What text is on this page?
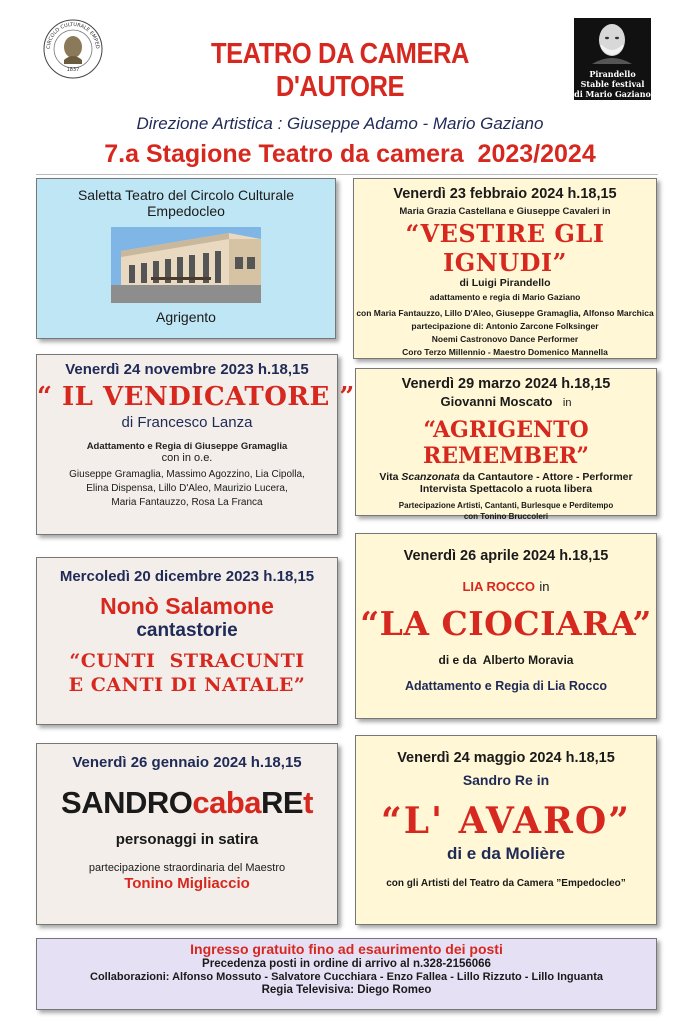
CIRCOLO CULTURALE EMPED
1837	TEATRO DA CAMERA D'AUTORE	Pirandello
Stable festival
di Mario Gaziano
Direzione Artistica : Giuseppe Adamo - Mario Gaziano
7.a Stagione Teatro da camera  2023/2024
Saletta Teatro del Circolo Culturale
Empedocleo
Agrigento
Venerdì 24 novembre 2023 h.18,15
“ IL VENDICATORE ”
di Francesco Lanza
Adattamento e Regia di Giuseppe Gramaglia
con in o.e.
Giuseppe Gramaglia, Massimo Agozzino, Lia Cipolla,
Elina Dispensa, Lillo D'Aleo, Maurizio Lucera,
Maria Fantauzzo, Rosa La Franca
Mercoledì 20 dicembre 2023 h.18,15
Nonò Salamone
cantastorie
“CUNTI  STRACUNTI
E CANTI DI NATALE”
Venerdì 26 gennaio 2024 h.18,15
SANDROcabaREt
personaggi in satira
partecipazione straordinaria del Maestro
Tonino Migliaccio
Venerdì 23 febbraio 2024 h.18,15
Maria Grazia Castellana e Giuseppe Cavaleri in
“VESTIRE GLI IGNUDI”
di Luigi Pirandello
adattamento e regia di Mario Gaziano
con Maria Fantauzzo, Lillo D'Aleo, Giuseppe Gramaglia, Alfonso Marchica
partecipazione di: Antonio Zarcone Folksinger
Noemi Castronovo Dance Performer
Coro Terzo Millennio - Maestro Domenico Mannella
Venerdì 29 marzo 2024 h.18,15
Giovanni Moscato in
“AGRIGENTO REMEMBER”
Vita Scanzonata da Cantautore - Attore - Performer
Intervista Spettacolo a ruota libera
Partecipazione Artisti, Cantanti, Burlesque e Perditempo
con Tonino Bruccoleri
Venerdì 26 aprile 2024 h.18,15
LIA ROCCO in
“LA CIOCIARA”
di e da  Alberto Moravia
Adattamento e Regia di Lia Rocco
Venerdì 24 maggio 2024 h.18,15
Sandro Re in
“L' AVARO”
di e da Molière
con gli Artisti del Teatro da Camera ”Empedocleo”
Ingresso gratuito fino ad esaurimento dei posti
Precedenza posti in ordine di arrivo al n.328-2156066
Collaborazioni: Alfonso Mossuto - Salvatore Cucchiara - Enzo Fallea - Lillo Rizzuto - Lillo Inguanta
Regia Televisiva: Diego Romeo
